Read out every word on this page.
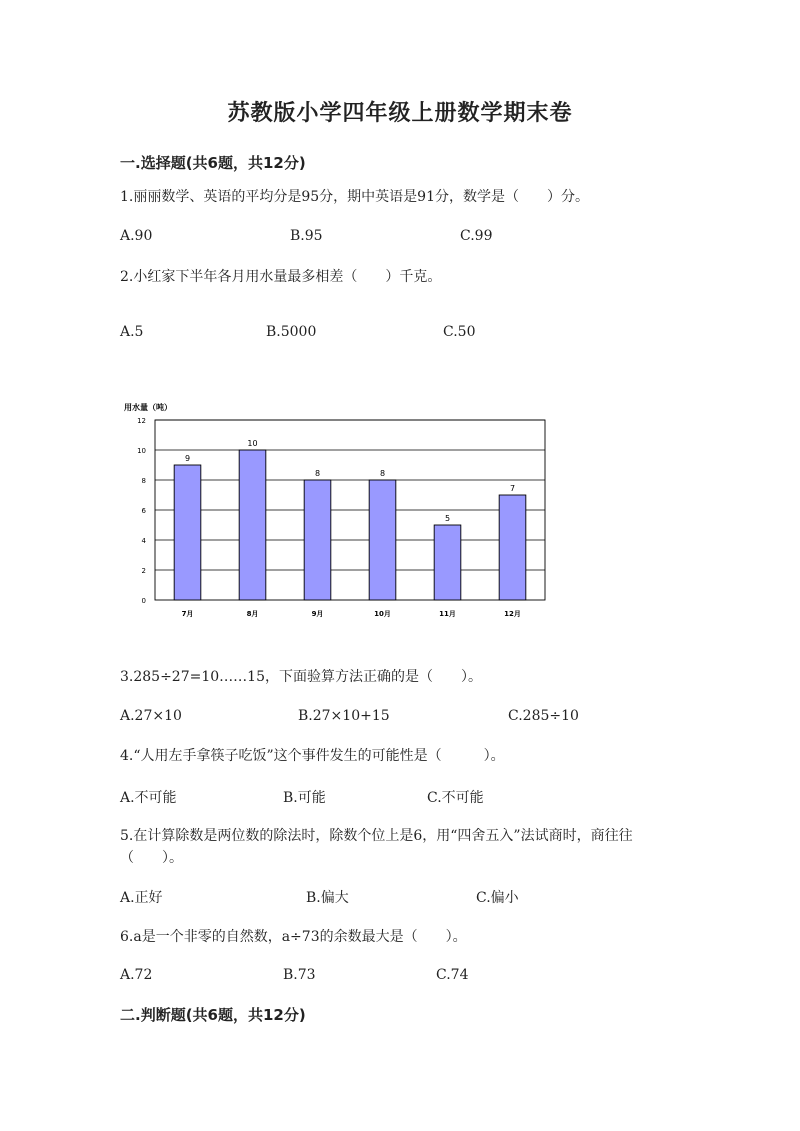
苏教版小学四年级上册数学期末卷
一.选择题(共6题，共12分)
1.丽丽数学、英语的平均分是95分，期中英语是91分，数学是（　　）分。
A.90	B.95	C.99
2.小红家下半年各月用水量最多相差（　　）千克。
A.5	B.5000	C.50
用水量（吨）
0
2
4
6
8
10
12
9
7月
10
8月
8
9月
8
10月
5
11月
7
12月
3.285÷27=10……15，下面验算方法正确的是（　　）。
A.27×10	B.27×10+15	C.285÷10
4.“人用左手拿筷子吃饭”这个事件发生的可能性是（　　　）。
A.不可能	B.可能	C.不可能
5.在计算除数是两位数的除法时，除数个位上是6，用“四舍五入”法试商时，商往往（　　）。
A.正好	B.偏大	C.偏小
6.a是一个非零的自然数，a÷73的余数最大是（　　）。
A.72	B.73	C.74
二.判断题(共6题，共12分)
